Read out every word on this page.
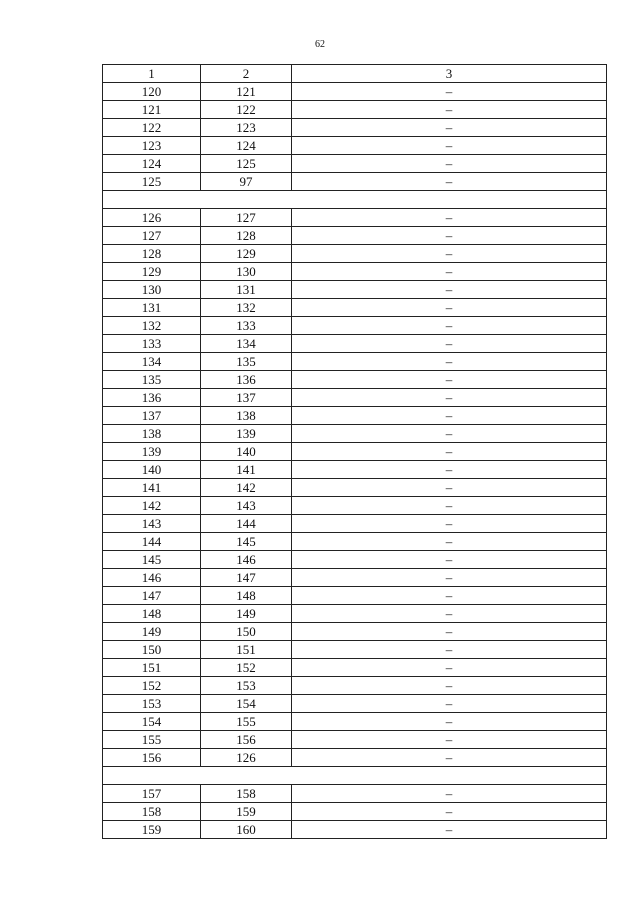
62
1	2	3
120	121	–
121	122	–
122	123	–
123	124	–
124	125	–
125	97	–
126	127	–
127	128	–
128	129	–
129	130	–
130	131	–
131	132	–
132	133	–
133	134	–
134	135	–
135	136	–
136	137	–
137	138	–
138	139	–
139	140	–
140	141	–
141	142	–
142	143	–
143	144	–
144	145	–
145	146	–
146	147	–
147	148	–
148	149	–
149	150	–
150	151	–
151	152	–
152	153	–
153	154	–
154	155	–
155	156	–
156	126	–
157	158	–
158	159	–
159	160	–
